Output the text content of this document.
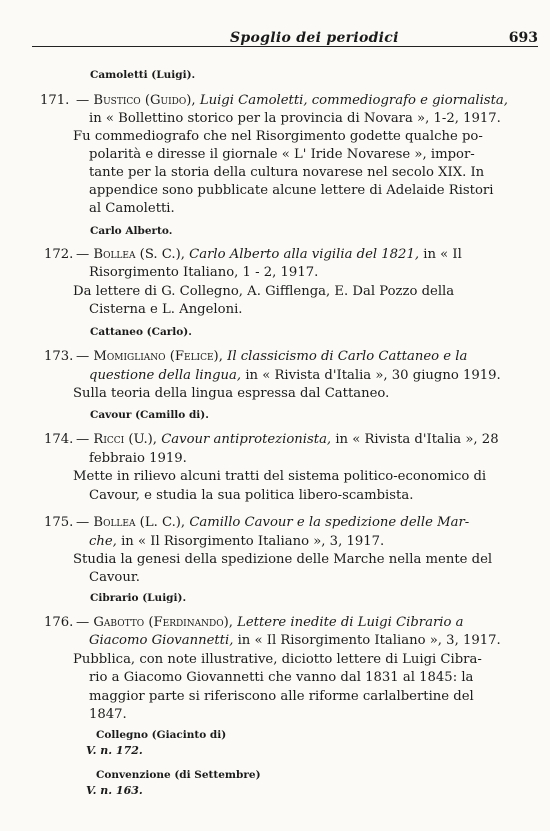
Spoglio dei periodici	693
Camoletti (Luigi).
171. — Bustico (Guido), Luigi Camoletti, commediografo e giornalista,
in « Bollettino storico per la provincia di Novara », 1-2, 1917.
Fu commediografo che nel Risorgimento godette qualche po-
polarità e diresse il giornale « L' Iride Novarese », impor-
tante per la storia della cultura novarese nel secolo XIX. In
appendice sono pubblicate alcune lettere di Adelaide Ristori
al Camoletti.
Carlo Alberto.
172. — Bollea (S. C.), Carlo Alberto alla vigilia del 1821, in « Il
Risorgimento Italiano, 1 - 2, 1917.
Da lettere di G. Collegno, A. Gifflenga, E. Dal Pozzo della
Cisterna e L. Angeloni.
Cattaneo (Carlo).
173. — Momigliano (Felice), Il classicismo di Carlo Cattaneo e la
questione della lingua, in « Rivista d'Italia », 30 giugno 1919.
Sulla teoria della lingua espressa dal Cattaneo.
Cavour (Camillo di).
174. — Ricci (U.), Cavour antiprotezionista, in « Rivista d'Italia », 28
febbraio 1919.
Mette in rilievo alcuni tratti del sistema politico-economico di
Cavour, e studia la sua politica libero-scambista.
175. — Bollea (L. C.), Camillo Cavour e la spedizione delle Mar-
che, in « Il Risorgimento Italiano », 3, 1917.
Studia la genesi della spedizione delle Marche nella mente del
Cavour.
Cibrario (Luigi).
176. — Gabotto (Ferdinando), Lettere inedite di Luigi Cibrario a
Giacomo Giovannetti, in « Il Risorgimento Italiano », 3, 1917.
Pubblica, con note illustrative, diciotto lettere di Luigi Cibra-
rio a Giacomo Giovannetti che vanno dal 1831 al 1845: la
maggior parte si riferiscono alle riforme carlalbertine del
1847.
Collegno (Giacinto di)
V. n. 172.
Convenzione (di Settembre)
V. n. 163.
